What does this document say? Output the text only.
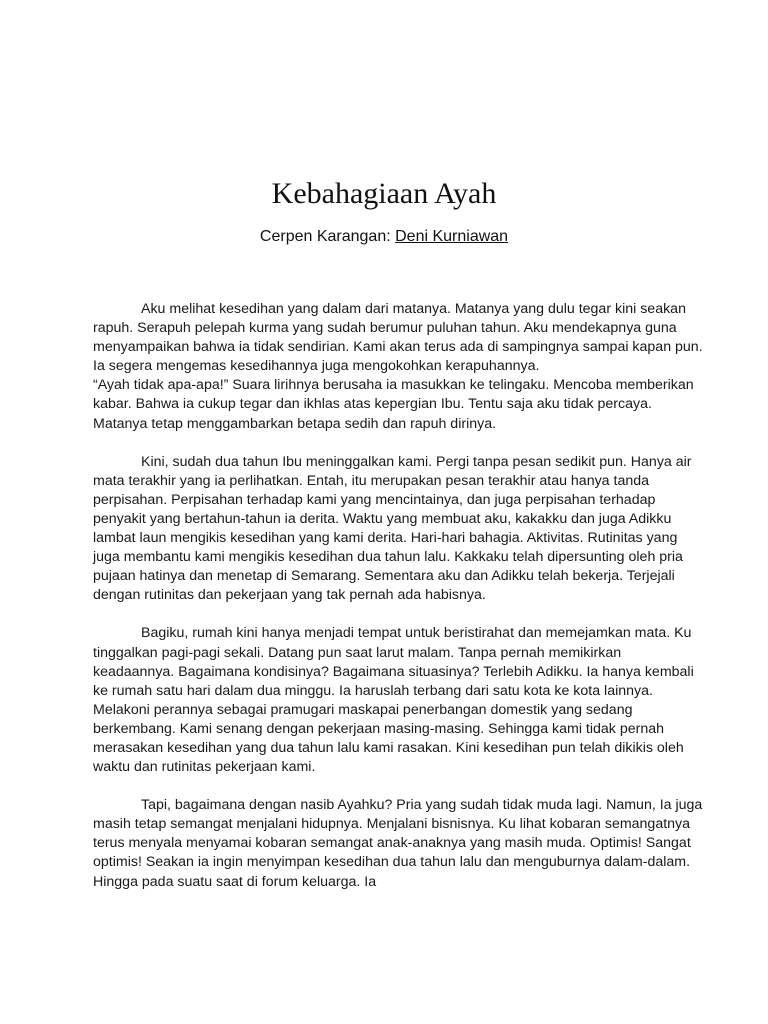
Kebahagiaan Ayah
Cerpen Karangan: Deni Kurniawan

Aku melihat kesedihan yang dalam dari matanya. Matanya yang dulu tegar kini seakan rapuh. Serapuh pelepah kurma yang sudah berumur puluhan tahun. Aku mendekapnya guna menyampaikan bahwa ia tidak sendirian. Kami akan terus ada di sampingnya sampai kapan pun. Ia segera mengemas kesedihannya juga mengokohkan kerapuhannya.

“Ayah tidak apa-apa!” Suara lirihnya berusaha ia masukkan ke telingaku. Mencoba memberikan kabar. Bahwa ia cukup tegar dan ikhlas atas kepergian Ibu. Tentu saja aku tidak percaya. Matanya tetap menggambarkan betapa sedih dan rapuh dirinya.

Kini, sudah dua tahun Ibu meninggalkan kami. Pergi tanpa pesan sedikit pun. Hanya air mata terakhir yang ia perlihatkan. Entah, itu merupakan pesan terakhir atau hanya tanda perpisahan. Perpisahan terhadap kami yang mencintainya, dan juga perpisahan terhadap penyakit yang bertahun-tahun ia derita. Waktu yang membuat aku, kakakku dan juga Adikku lambat laun mengikis kesedihan yang kami derita. Hari-hari bahagia. Aktivitas. Rutinitas yang juga membantu kami mengikis kesedihan dua tahun lalu. Kakkaku telah dipersunting oleh pria pujaan hatinya dan menetap di Semarang. Sementara aku dan Adikku telah bekerja. Terjejali dengan rutinitas dan pekerjaan yang tak pernah ada habisnya.

Bagiku, rumah kini hanya menjadi tempat untuk beristirahat dan memejamkan mata. Ku tinggalkan pagi-pagi sekali. Datang pun saat larut malam. Tanpa pernah memikirkan keadaannya. Bagaimana kondisinya? Bagaimana situasinya? Terlebih Adikku. Ia hanya kembali ke rumah satu hari dalam dua minggu. Ia haruslah terbang dari satu kota ke kota lainnya. Melakoni perannya sebagai pramugari maskapai penerbangan domestik yang sedang berkembang. Kami senang dengan pekerjaan masing-masing. Sehingga kami tidak pernah merasakan kesedihan yang dua tahun lalu kami rasakan. Kini kesedihan pun telah dikikis oleh waktu dan rutinitas pekerjaan kami.

Tapi, bagaimana dengan nasib Ayahku? Pria yang sudah tidak muda lagi. Namun, Ia juga masih tetap semangat menjalani hidupnya. Menjalani bisnisnya. Ku lihat kobaran semangatnya terus menyala menyamai kobaran semangat anak-anaknya yang masih muda. Optimis! Sangat optimis! Seakan ia ingin menyimpan kesedihan dua tahun lalu dan menguburnya dalam-dalam. Hingga pada suatu saat di forum keluarga. Ia
